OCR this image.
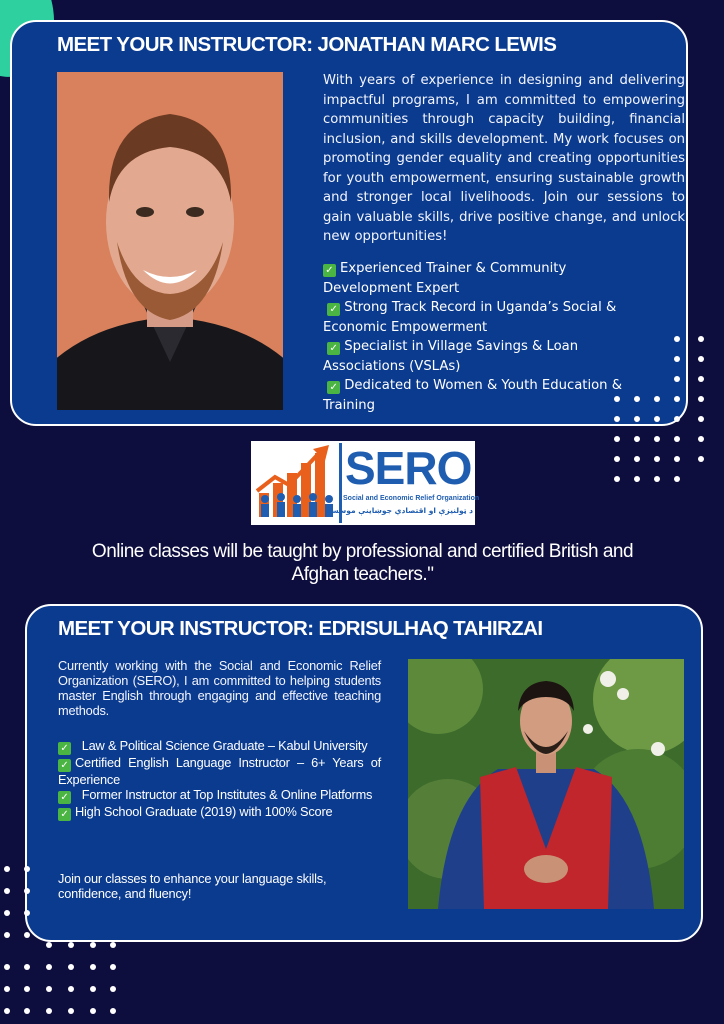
MEET YOUR INSTRUCTOR: JONATHAN MARC LEWIS

With years of experience in designing and delivering impactful programs, I am committed to empowering communities through capacity building, financial inclusion, and skills development. My work focuses on promoting gender equality and creating opportunities for youth empowerment, ensuring sustainable growth and stronger local livelihoods. Join our sessions to gain valuable skills, drive positive change, and unlock new opportunities!

✓ Experienced Trainer & Community Development Expert
✓ Strong Track Record in Uganda’s Social & Economic Empowerment
✓ Specialist in Village Savings & Loan Associations (VSLAs)
✓ Dedicated to Women & Youth Education & Training
SERO
Social and Economic Relief Organization
د ټولنیزې او اقتصادي جوښاینې موسسه
Online classes will be taught by professional and certified British and Afghan teachers."
MEET YOUR INSTRUCTOR: EDRISULHAQ TAHIRZAI

Currently working with the Social and Economic Relief Organization (SERO), I am committed to helping students master English through engaging and effective teaching methods.

✓ Law & Political Science Graduate – Kabul University
✓ Certified English Language Instructor – 6+ Years of Experience
✓ Former Instructor at Top Institutes & Online Platforms
✓ High School Graduate (2019) with 100% Score
Join our classes to enhance your language skills, confidence, and fluency!
